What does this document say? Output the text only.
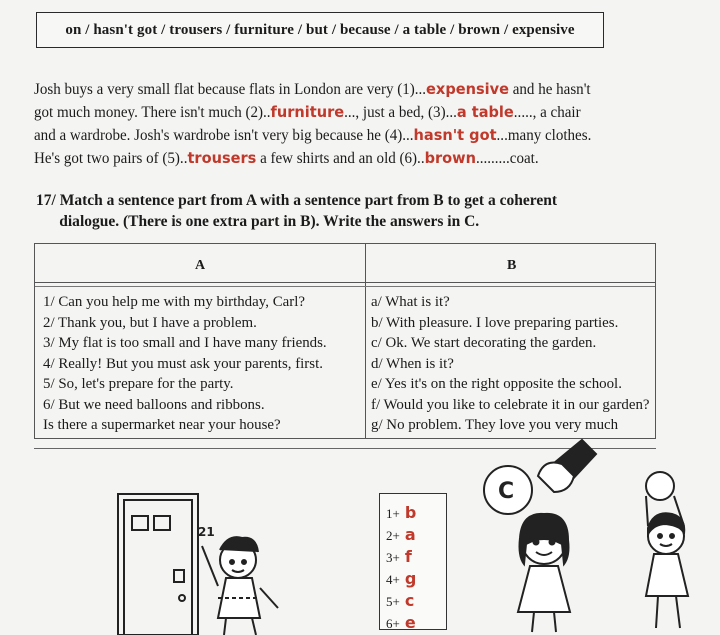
on / hasn't got / trousers / furniture / but / because / a table / brown / expensive
Josh buys a very small flat because flats in London are very (1)...expensive and he hasn't
got much money. There isn't much (2)..furniture..., just a bed, (3)...a table....., a chair
and a wardrobe. Josh's wardrobe isn't very big because he (4)...hasn't got...many clothes.
He's got two pairs of (5)..trousers a few shirts and an old (6)..brown.........coat.
17/ Match a sentence part from A with a sentence part from B to get a coherent
dialogue. (There is one extra part in B). Write the answers in C.
A	B
1/ Can you help me with my birthday, Carl?
2/ Thank you, but I have a problem.
3/ My flat is too small and I have many friends.
4/ Really! But you must ask your parents, first.
5/ So, let's prepare for the party.
6/ But we need balloons and ribbons.
Is there a supermarket near your house?
a/ What is it?
b/ With pleasure. I love preparing parties.
c/ Ok. We start decorating the garden.
d/ When is it?
e/ Yes it's on the right opposite the school.
f/ Would you like to celebrate it in our garden?
g/ No problem. They love you very much
21
1+ b
2+ a
3+ f
4+ g
5+ c
6+ e
C
